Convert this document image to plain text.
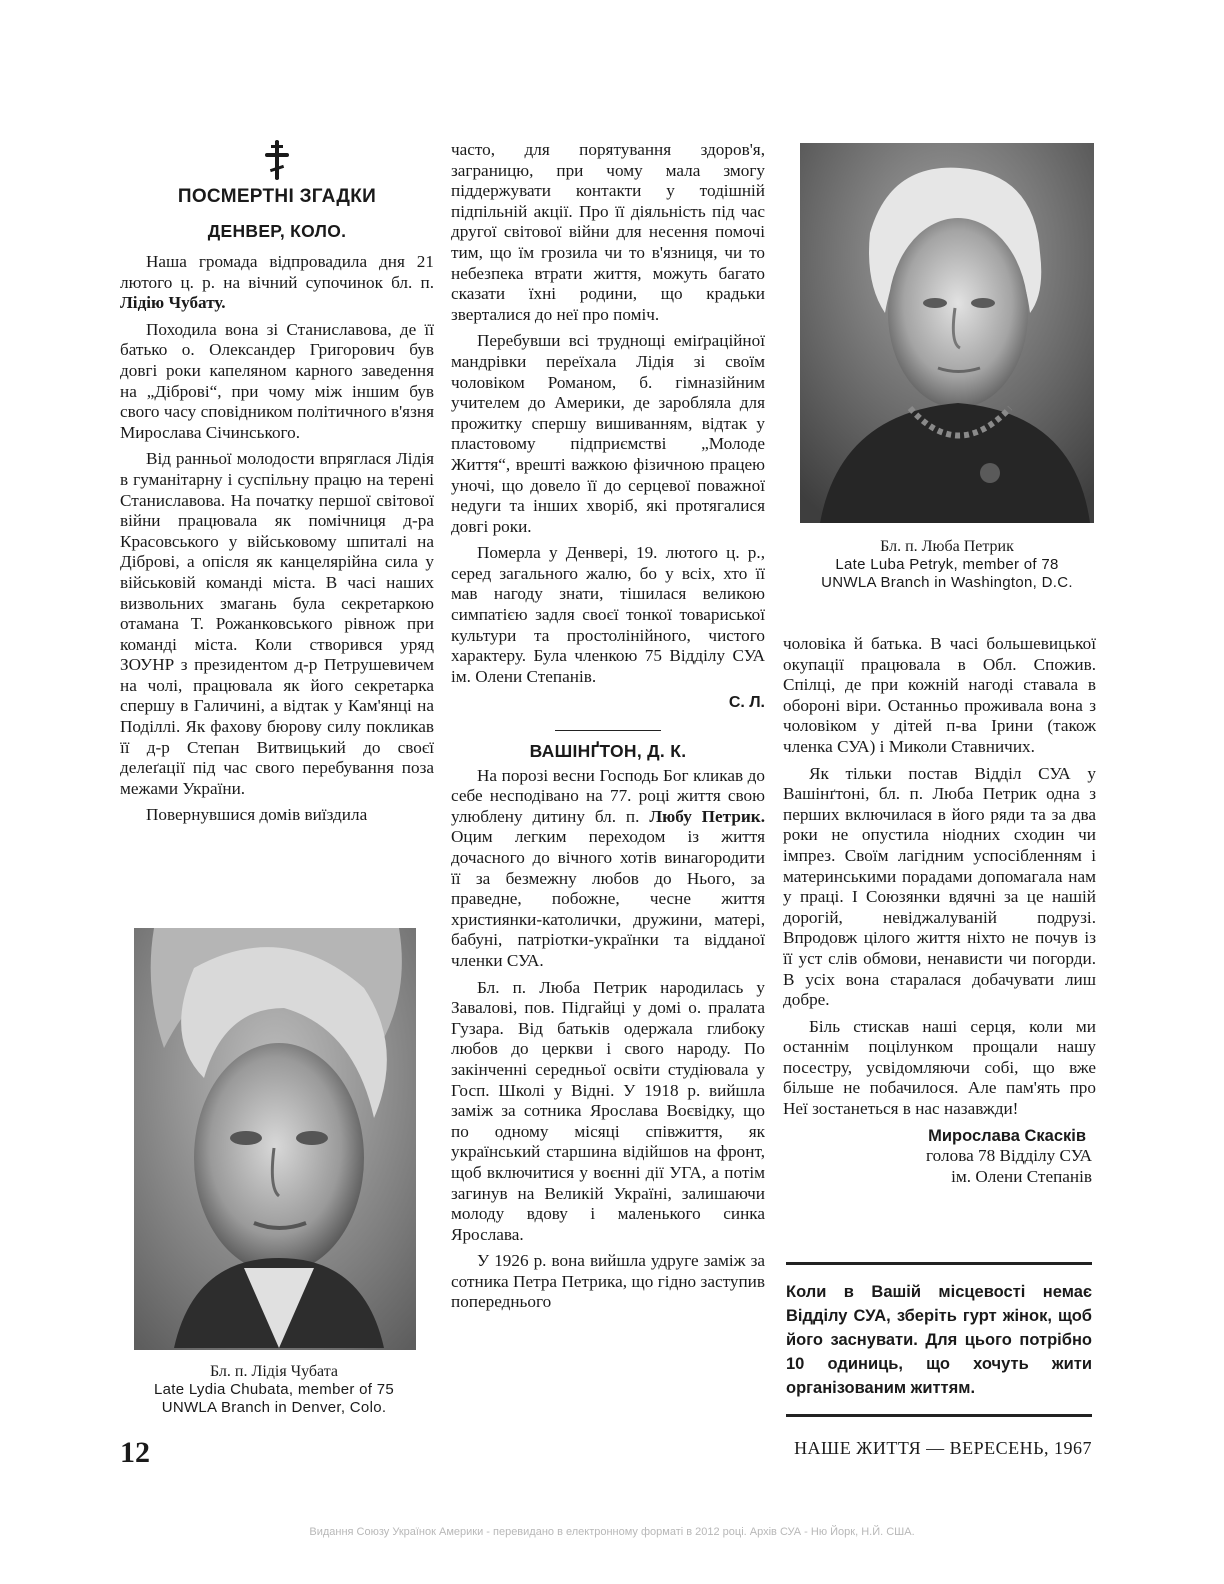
ПОСМЕРТНІ ЗГАДКИ
ДЕНВЕР, КОЛО.

Наша громада відпровадила дня 21 лютого ц. р. на вічний супочинок бл. п. Лідію Чубату.

Походила вона зі Станиславова, де її батько о. Олександер Григорович був довгі роки капеляном карного заведення на „Діброві“, при чому між іншим був свого часу сповідником політичного в'язня Мирослава Січинського.

Від ранньої молодости впряглася Лідія в гуманітарну і суспільну працю на терені Станиславова. На початку першої світової війни працювала як помічниця д-ра Красовського у військовому шпиталі на Діброві, а опісля як канцелярійна сила у військовій команді міста. В часі наших визвольних змагань була секретаркою отамана Т. Рожанковського рівнож при команді міста. Коли створився уряд ЗОУНР з президентом д-р Петрушевичем на чолі, працювала як його секретарка спершу в Галичині, а відтак у Кам'янці на Поділлі. Як фахову бюрову силу покликав її д-р Степан Витвицький до своєї делеґації під час свого перебування поза межами України.

Повернувшися домів виїздила

Бл. п. Лідія Чубата
Late Lydia Chubata, member of 75
UNWLA Branch in Denver, Colo.

часто, для порятування здоров'я, заграницю, при чому мала змогу піддержувати контакти у тодішній підпільній акції. Про її діяльність під час другої світової війни для несення помочі тим, що їм грозила чи то в'язниця, чи то небезпека втрати життя, можуть багато сказати їхні родини, що крадьки зверталися до неї про поміч.

Перебувши всі труднощі еміґраційної мандрівки переїхала Лідія зі своїм чоловіком Романом, б. гімназійним учителем до Америки, де заробляла для прожитку спершу вишиванням, відтак у пластовому підприємстві „Молоде Життя“, врешті важкою фізичною працею уночі, що довело її до серцевої поважної недуги та інших хворіб, які протягалися довгі роки.

Померла у Денвері, 19. лютого ц. р., серед загального жалю, бо у всіх, хто її мав нагоду знати, тішилася великою симпатією задля своєї тонкої товариської культури та простолінійного, чистого характеру. Була членкою 75 Відділу СУА ім. Олени Степанів.

С. Л.

ВАШІНҐТОН, Д. К.

На порозі весни Господь Бог кликав до себе несподівано на 77. році життя свою улюблену дитину бл. п. Любу Петрик. Оцим легким переходом із життя дочасного до вічного хотів винагородити її за безмежну любов до Нього, за праведне, побожне, чесне життя християнки-католички, дружини, матері, бабуні, патріотки-українки та відданої членки СУА.

Бл. п. Люба Петрик народилась у Заваловi, пов. Підгайці у домі о. пралата Гузара. Від батьків одержала глибоку любов до церкви і свого народу. По закінченні середньої освіти студіювала у Госп. Школі у Відні. У 1918 р. вийшла заміж за сотника Ярослава Воєвідку, що по одному місяці співжиття, як український старшина відійшов на фронт, щоб включитися у воєнні дії УГА, а потім загинув на Великій Україні, залишаючи молоду вдову і маленького синка Ярослава.

У 1926 р. вона вийшла удруге заміж за сотника Петра Петрика, що гідно заступив попереднього

Бл. п. Люба Петрик
Late Luba Petryk, member of 78
UNWLA Branch in Washington, D.C.

чоловіка й батька. В часі большевицької окупації працювала в Обл. Спожив. Спілці, де при кожній нагоді ставала в обороні віри. Останньо проживала вона з чоловіком у дітей п-ва Ірини (також членка СУА) і Миколи Ставничих.

Як тільки постав Відділ СУА у Вашінґтоні, бл. п. Люба Петрик одна з перших включилася в його ряди та за два роки не опустила ніодних сходин чи імпрез. Своїм лагідним успосібленням і материнськими порадами допомагала нам у праці. І Союзянки вдячні за це нашій дорогій, невіджалуваній подрузі. Впродовж цілого життя ніхто не почув із її уст слів обмови, ненависти чи погорди. В усіх вона старалася добачувати лиш добре.

Біль стискав наші серця, коли ми останнім поцілунком прощали нашу посестру, усвідомляючи собі, що вже більше не побачилося. Але пам'ять про Неї зостанеться в нас назавжди!

Мирослава Скасків
голова 78 Відділу СУА
ім. Олени Степанів
Коли в Вашій місцевості немає Відділу СУА, зберіть гурт жінок, щоб його заснувати. Для цього потрібно 10 одиниць, що хочуть жити організованим життям.
12	НАШЕ ЖИТТЯ — ВЕРЕСЕНЬ, 1967
Видання Союзу Українок Америки - перевидано в електронному форматі в 2012 році. Архів СУА - Ню Йорк, Н.Й. США.
